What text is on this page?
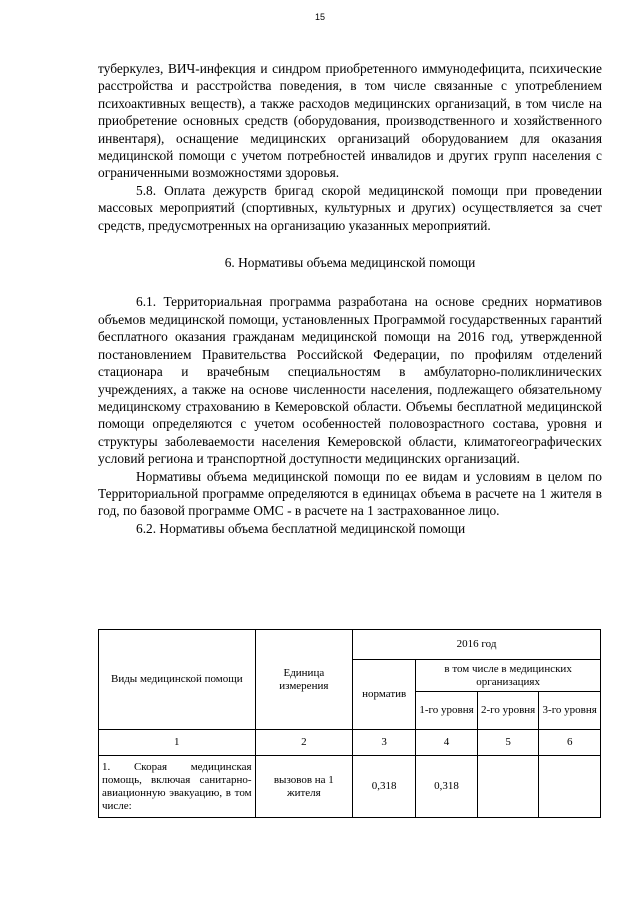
15

туберкулез, ВИЧ-инфекция и синдром приобретенного иммунодефицита, психические расстройства и расстройства поведения, в том числе связанные с употреблением психоактивных веществ), а также расходов медицинских организаций, в том числе на приобретение основных средств (оборудования, производственного и хозяйственного инвентаря), оснащение медицинских организаций оборудованием для оказания медицинской помощи с учетом потребностей инвалидов и других групп населения с ограниченными возможностями здоровья.

5.8. Оплата дежурств бригад скорой медицинской помощи при проведении массовых мероприятий (спортивных, культурных и других) осуществляется за счет средств, предусмотренных на организацию указанных мероприятий.

6. Нормативы объема медицинской помощи

6.1. Территориальная программа разработана на основе средних нормативов объемов медицинской помощи, установленных Программой государственных гарантий бесплатного оказания гражданам медицинской помощи на 2016 год, утвержденной постановлением Правительства Российской Федерации, по профилям отделений стационара и врачебным специальностям в амбулаторно-поликлинических учреждениях, а также на основе численности населения, подлежащего обязательному медицинскому страхованию в Кемеровской области. Объемы бесплатной медицинской помощи определяются с учетом особенностей половозрастного состава, уровня и структуры заболеваемости населения Кемеровской области, климатогеографических условий региона и транспортной доступности медицинских организаций.

Нормативы объема медицинской помощи по ее видам и условиям в целом по Территориальной программе определяются в единицах объема в расчете на 1 жителя в год, по базовой программе ОМС - в расчете на 1 застрахованное лицо.

6.2. Нормативы объема бесплатной медицинской помощи

Виды медицинской помощи	Единица измерения	2016 год			
		норматив	в том числе в медицинских организациях		
			1-го уровня	2-го уровня	3-го уровня
1	2	3	4	5	6
1. Скорая медицинская помощь, включая санитарно-авиационную эвакуацию, в том числе:	вызовов на 1 жителя	0,318	0,318		
